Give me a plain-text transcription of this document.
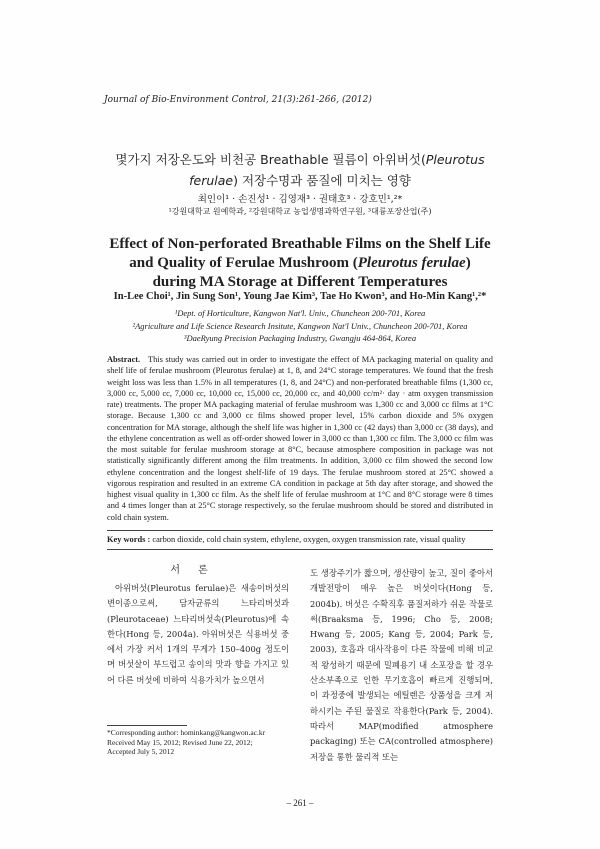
Journal of Bio-Environment Control, 21(3):261-266, (2012)
몇가지 저장온도와 비천공 Breathable 필름이 아위버섯(Pleurotus
ferulae) 저장수명과 품질에 미치는 영향
최인이¹ · 손진성¹ · 김영재³ · 권태호³ · 강호민¹,²*
¹강원대학교 원예학과, ²강원대학교 농업생명과학연구원, ³대륭포장산업(주)
Effect of Non-perforated Breathable Films on the Shelf Life
and Quality of Ferulae Mushroom (Pleurotus ferulae)
during MA Storage at Different Temperatures
In-Lee Choi¹, Jin Sung Son¹, Young Jae Kim³, Tae Ho Kwon³, and Ho-Min Kang¹,²*
¹Dept. of Horticulture, Kangwon Nat'l. Univ., Chuncheon 200-701, Korea
²Agriculture and Life Science Research Insitute, Kangwon Nat'l Univ., Chuncheon 200-701, Korea
³DaeRyung Precision Packaging Industry, Gwangju 464-864, Korea
Abstract. This study was carried out in order to investigate the effect of MA packaging material on quality and shelf life of ferulae mushroom (Pleurotus ferulae) at 1, 8, and 24°C storage temperatures. We found that the fresh weight loss was less than 1.5% in all temperatures (1, 8, and 24°C) and non-perforated breathable films (1,300 cc, 3,000 cc, 5,000 cc, 7,000 cc, 10,000 cc, 15,000 cc, 20,000 cc, and 40,000 cc/m²· day · atm oxygen transmission rate) treatments. The proper MA packaging material of ferulae mushroom was 1,300 cc and 3,000 cc films at 1°C storage. Because 1,300 cc and 3,000 cc films showed proper level, 15% carbon dioxide and 5% oxygen concentration for MA storage, although the shelf life was higher in 1,300 cc (42 days) than 3,000 cc (38 days), and the ethylene concentration as well as off-order showed lower in 3,000 cc than 1,300 cc film. The 3,000 cc film was the most suitable for ferulae mushroom storage at 8°C, because atmosphere composition in package was not statistically significantly different among the film treatments. In addition, 3,000 cc film showed the second low ethylene concentration and the longest shelf-life of 19 days. The ferulae mushroom stored at 25°C showed a vigorous respiration and resulted in an extreme CA condition in package at 5th day after storage, and showed the highest visual quality in 1,300 cc film. As the shelf life of ferulae mushroom at 1°C and 8°C storage were 8 times and 4 times longer than at 25°C storage respectively, so the ferulae mushroom should be stored and distributed in cold chain system.
Key words : carbon dioxide, cold chain system, ethylene, oxygen, oxygen transmission rate, visual quality
서론
아위버섯(Pleurotus ferulae)은 새송이버섯의 변이종으로써, 담자균류의 느타리버섯과(Pleurotaceae) 느타리버섯속(Pleurotus)에 속한다(Hong 등, 2004a). 아위버섯은 식용버섯 중에서 가장 커서 1개의 무게가 150–400g 정도이며 버섯살이 부드럽고 송이의 맛과 향을 가지고 있어 다른 버섯에 비하여 식용가치가 높으면서
도 생장주기가 짧으며, 생산량이 높고, 질이 좋아서 개발전망이 매우 높은 버섯이다(Hong 등, 2004b). 버섯은 수확직후 품질저하가 쉬운 작물로써(Braaksma 등, 1996; Cho 등, 2008; Hwang 등, 2005; Kang 등, 2004; Park 등, 2003), 호흡과 대사작용이 다른 작물에 비해 비교적 왕성하기 때문에 밀폐용기 내 소포장을 할 경우 산소부족으로 인한 무기호흡이 빠르게 진행되며, 이 과정중에 발생되는 에틸렌은 상품성을 크게 저하시키는 주된 물질로 작용한다(Park 등, 2004). 따라서 MAP(modified atmosphere packaging) 또는 CA(controlled atmosphere) 저장을 통한 물리적 또는
*Corresponding author: hominkang@kangwon.ac.kr
Received May 15, 2012; Revised June 22, 2012;
Accepted July 5, 2012
– 261 –
